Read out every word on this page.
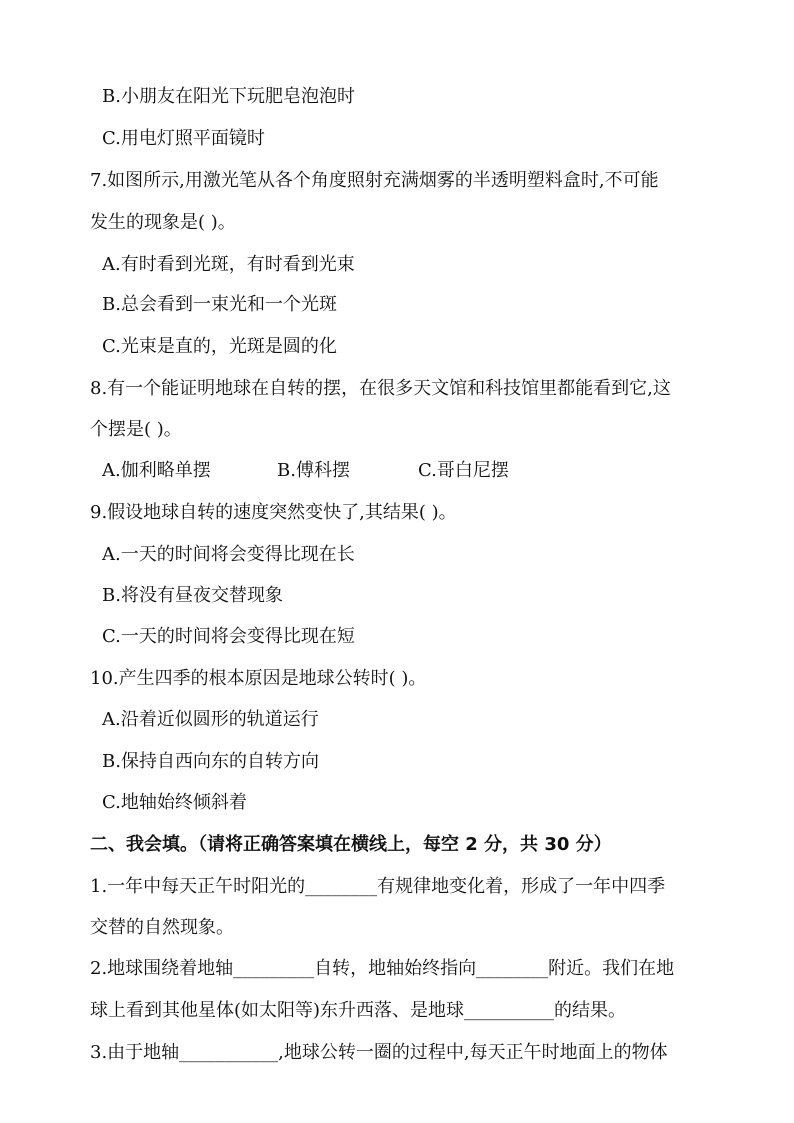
B.小朋友在阳光下玩肥皂泡泡时
C.用电灯照平面镜时
7.如图所示,用激光笔从各个角度照射充满烟雾的半透明塑料盒时,不可能
发生的现象是( )。
A.有时看到光斑，有时看到光束
B.总会看到一束光和一个光斑
C.光束是直的，光斑是圆的化
8.有一个能证明地球在自转的摆，在很多天文馆和科技馆里都能看到它,这
个摆是( )。
A.伽利略单摆	B.傅科摆	C.哥白尼摆
9.假设地球自转的速度突然变快了,其结果( )。
A.一天的时间将会变得比现在长
B.将没有昼夜交替现象
C.一天的时间将会变得比现在短
10.产生四季的根本原因是地球公转时( )。
A.沿着近似圆形的轨道运行
B.保持自西向东的自转方向
C.地轴始终倾斜着
二、我会填。（请将正确答案填在横线上，每空 2 分，共 30 分）
1.一年中每天正午时阳光的________有规律地变化着，形成了一年中四季
交替的自然现象。
2.地球围绕着地轴_________自转，地轴始终指向________附近。我们在地
球上看到其他星体(如太阳等)东升西落、是地球__________的结果。
3.由于地轴___________,地球公转一圈的过程中,每天正午时地面上的物体
